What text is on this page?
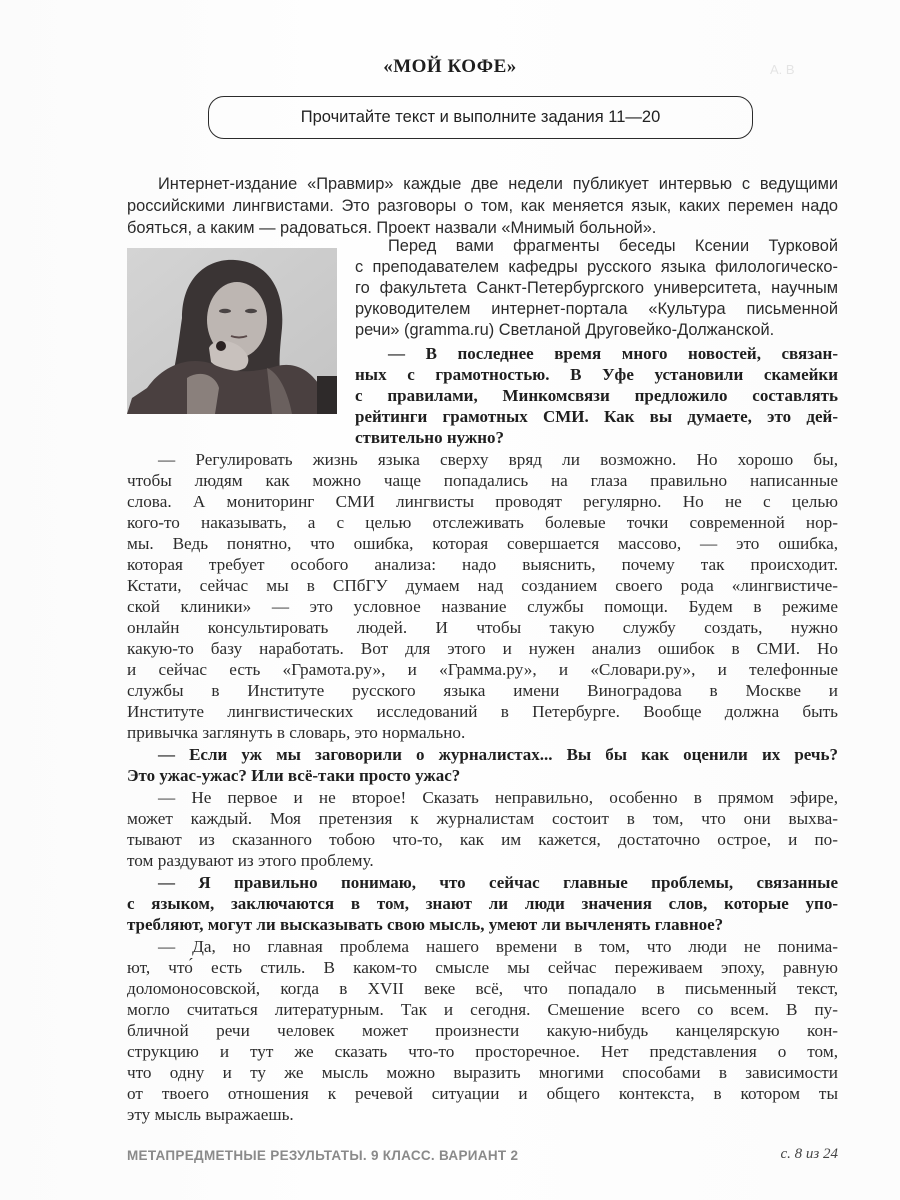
А. В
«МОЙ КОФЕ»
Прочитайте текст и выполните задания 11—20
Интернет-издание «Правмир» каждые две недели публикует интервью с ведущими
российскими лингвистами. Это разговоры о том, как меняется язык, каких перемен надо
бояться, а каким — радоваться. Проект назвали «Мнимый больной».
Перед вами фрагменты беседы Ксении Турковой
с преподавателем кафедры русского языка филологическо-
го факультета Санкт-Петербургского университета, научным
руководителем интернет-портала «Культура письменной
речи» (gramma.ru) Светланой Друговейко-Должанской.
— В последнее время много новостей, связан-
ных с грамотностью. В Уфе установили скамейки
с правилами, Минкомсвязи предложило составлять
рейтинги грамотных СМИ. Как вы думаете, это дей-
ствительно нужно?
— Регулировать жизнь языка сверху вряд ли возможно. Но хорошо бы,
чтобы людям как можно чаще попадались на глаза правильно написанные
слова. А мониторинг СМИ лингвисты проводят регулярно. Но не с целью
кого-то наказывать, а с целью отслеживать болевые точки современной нор-
мы. Ведь понятно, что ошибка, которая совершается массово, — это ошибка,
которая требует особого анализа: надо выяснить, почему так происходит.
Кстати, сейчас мы в СПбГУ думаем над созданием своего рода «лингвистиче-
ской клиники» — это условное название службы помощи. Будем в режиме
онлайн консультировать людей. И чтобы такую службу создать, нужно
какую-то базу наработать. Вот для этого и нужен анализ ошибок в СМИ. Но
и сейчас есть «Грамота.ру», и «Грамма.ру», и «Словари.ру», и телефонные
службы в Институте русского языка имени Виноградова в Москве и
Институте лингвистических исследований в Петербурге. Вообще должна быть
привычка заглянуть в словарь, это нормально.
— Если уж мы заговорили о журналистах... Вы бы как оценили их речь?
Это ужас-ужас? Или всё-таки просто ужас?
— Не первое и не второе! Сказать неправильно, особенно в прямом эфире,
может каждый. Моя претензия к журналистам состоит в том, что они выхва-
тывают из сказанного тобою что-то, как им кажется, достаточно острое, и по-
том раздувают из этого проблему.
— Я правильно понимаю, что сейчас главные проблемы, связанные
с языком, заключаются в том, знают ли люди значения слов, которые упо-
требляют, могут ли высказывать свою мысль, умеют ли вычленять главное?
— Да, но главная проблема нашего времени в том, что люди не понима-
ют, что́ есть стиль. В каком-то смысле мы сейчас переживаем эпоху, равную
доломоносовской, когда в XVII веке всё, что попадало в письменный текст,
могло считаться литературным. Так и сегодня. Смешение всего со всем. В пу-
бличной речи человек может произнести какую-нибудь канцелярскую кон-
струкцию и тут же сказать что-то просторечное. Нет представления о том,
что одну и ту же мысль можно выразить многими способами в зависимости
от твоего отношения к речевой ситуации и общего контекста, в котором ты
эту мысль выражаешь.
МЕТАПРЕДМЕТНЫЕ РЕЗУЛЬТАТЫ. 9 КЛАСС. ВАРИАНТ 2	с. 8 из 24
